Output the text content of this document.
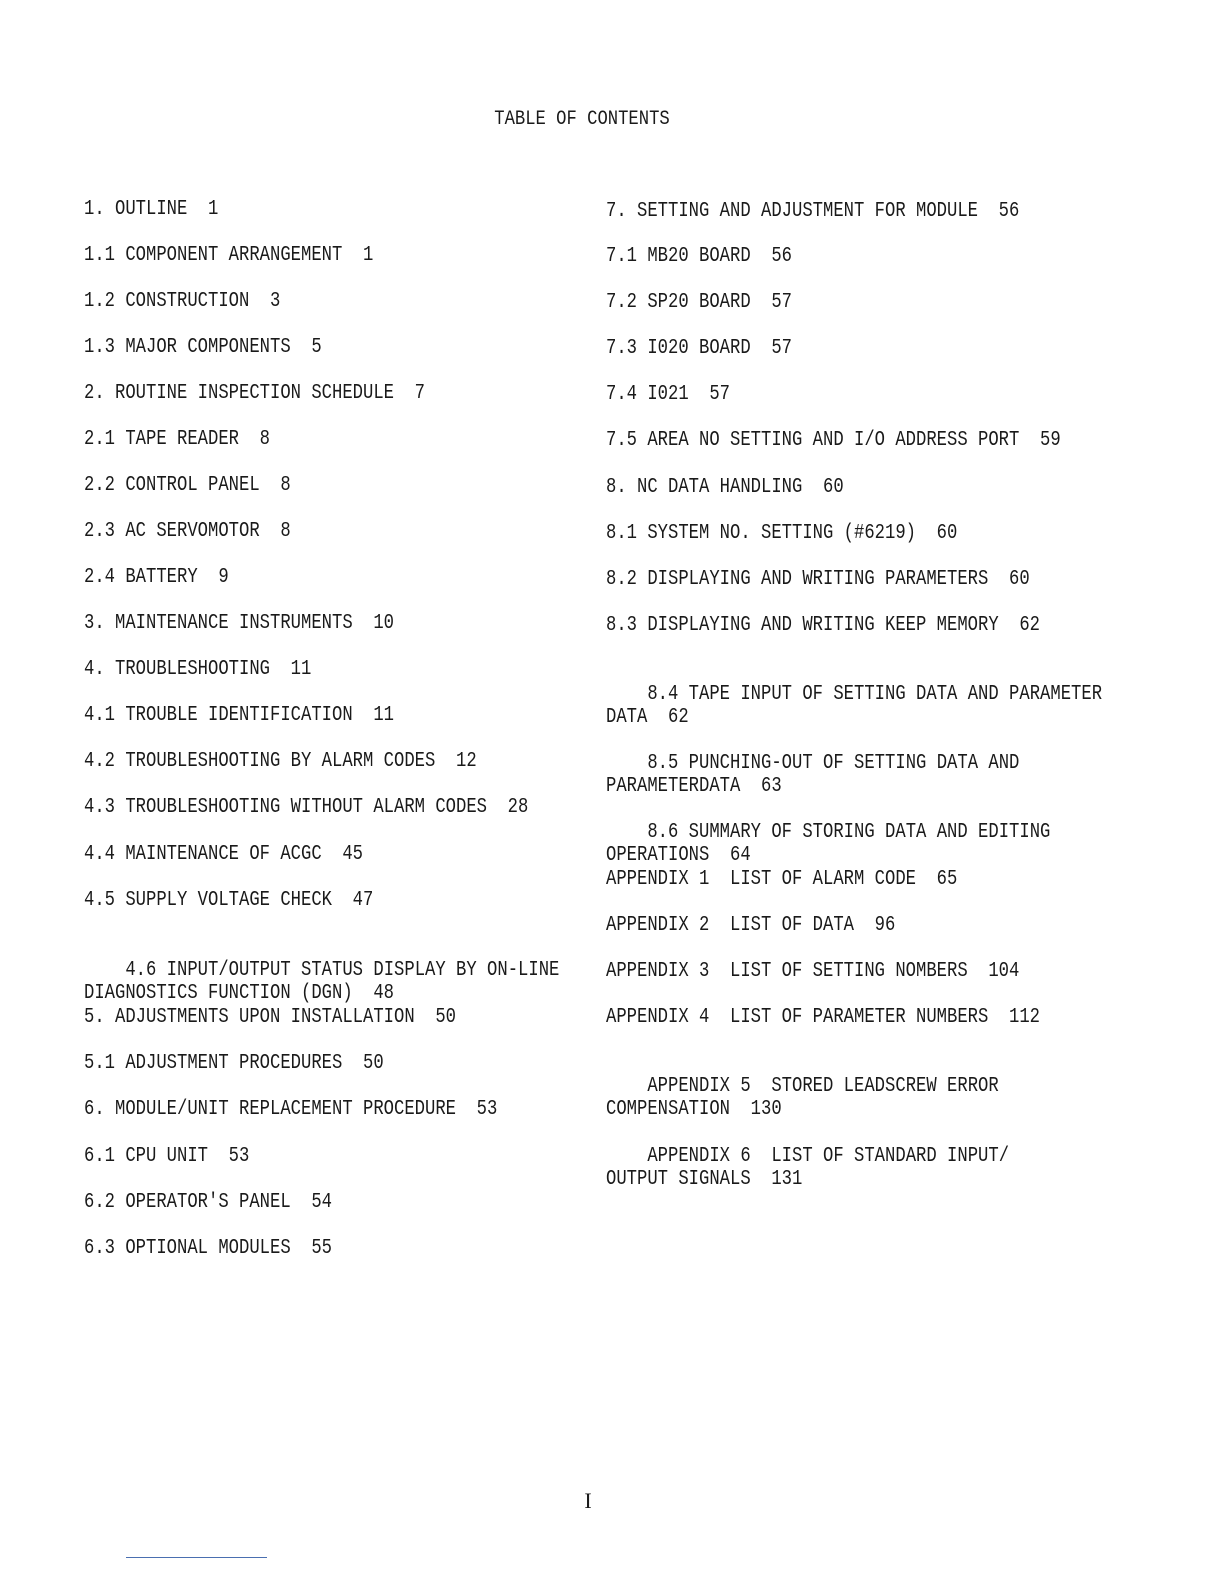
TABLE OF CONTENTS
1. OUTLINE  1
1.1 COMPONENT ARRANGEMENT  1
1.2 CONSTRUCTION  3
1.3 MAJOR COMPONENTS  5
2. ROUTINE INSPECTION SCHEDULE  7
2.1 TAPE READER  8
2.2 CONTROL PANEL  8
2.3 AC SERVOMOTOR  8
2.4 BATTERY  9
3. MAINTENANCE INSTRUMENTS  10
4. TROUBLESHOOTING  11
4.1 TROUBLE IDENTIFICATION  11
4.2 TROUBLESHOOTING BY ALARM CODES  12
4.3 TROUBLESHOOTING WITHOUT ALARM CODES  28
4.4 MAINTENANCE OF ACGC  45
4.5 SUPPLY VOLTAGE CHECK  47

4.6 INPUT/OUTPUT STATUS DISPLAY BY ON-LINE
DIAGNOSTICS FUNCTION (DGN)  48

5. ADJUSTMENTS UPON INSTALLATION  50
5.1 ADJUSTMENT PROCEDURES  50
6. MODULE/UNIT REPLACEMENT PROCEDURE  53
6.1 CPU UNIT  53
6.2 OPERATOR'S PANEL  54
6.3 OPTIONAL MODULES  55
7. SETTING AND ADJUSTMENT FOR MODULE  56
7.1 MB20 BOARD  56
7.2 SP20 BOARD  57
7.3 I020 BOARD  57
7.4 I021  57
7.5 AREA NO SETTING AND I/O ADDRESS PORT  59
8. NC DATA HANDLING  60
8.1 SYSTEM NO. SETTING (#6219)  60
8.2 DISPLAYING AND WRITING PARAMETERS  60
8.3 DISPLAYING AND WRITING KEEP MEMORY  62

8.4 TAPE INPUT OF SETTING DATA AND PARAMETER
DATA  62

8.5 PUNCHING-OUT OF SETTING DATA AND
PARAMETERDATA  63

8.6 SUMMARY OF STORING DATA AND EDITING
OPERATIONS  64

APPENDIX 1  LIST OF ALARM CODE  65
APPENDIX 2  LIST OF DATA  96
APPENDIX 3  LIST OF SETTING NOMBERS  104
APPENDIX 4  LIST OF PARAMETER NUMBERS  112

APPENDIX 5  STORED LEADSCREW ERROR
COMPENSATION  130

APPENDIX 6  LIST OF STANDARD INPUT/
OUTPUT SIGNALS  131

I
